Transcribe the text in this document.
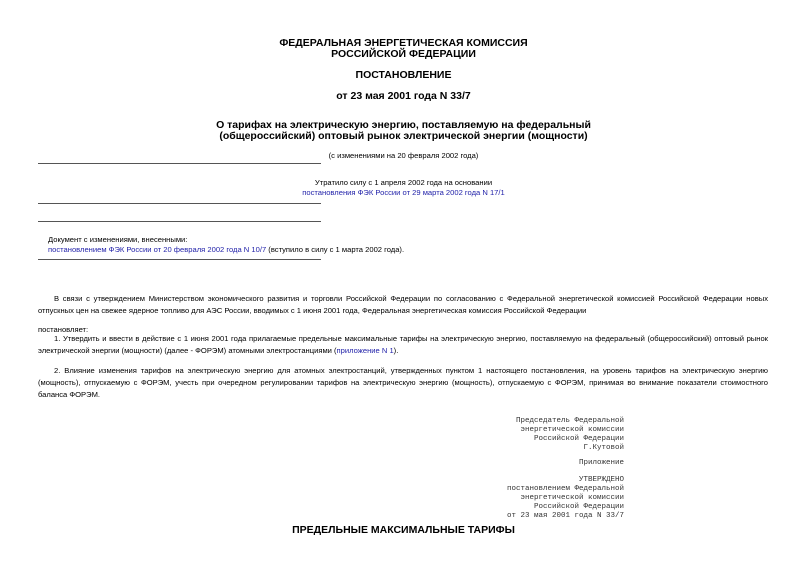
ФЕДЕРАЛЬНАЯ ЭНЕРГЕТИЧЕСКАЯ КОМИССИЯ
РОССИЙСКОЙ ФЕДЕРАЦИИ
ПОСТАНОВЛЕНИЕ
от 23 мая 2001 года N 33/7
О тарифах на электрическую энергию, поставляемую на федеральный
(общероссийский) оптовый рынок электрической энергии (мощности)
(с изменениями на 20 февраля 2002 года)
Утратило силу с 1 апреля 2002 года на основании
постановления ФЭК России от 29 марта 2002 года N 17/1
Документ с изменениями, внесенными:
постановлением ФЭК России от 20 февраля 2002 года N 10/7 (вступило в силу с 1 марта 2002 года).
В связи с утверждением Министерством экономического развития и торговли Российской Федерации по согласованию с Федеральной энергетической комиссией Российской Федерации новых отпускных цен на свежее ядерное топливо для АЭС России, вводимых с 1 июня 2001 года, Федеральная энергетическая комиссия Российской Федерации
постановляет:
1. Утвердить и ввести в действие с 1 июня 2001 года прилагаемые предельные максимальные тарифы на электрическую энергию, поставляемую на федеральный (общероссийский) оптовый рынок электрической энергии (мощности) (далее - ФОРЭМ) атомными электростанциями (приложение N 1).
2. Влияние изменения тарифов на электрическую энергию для атомных электростанций, утвержденных пунктом 1 настоящего постановления, на уровень тарифов на электрическую энергию (мощность), отпускаемую с ФОРЭМ, учесть при очередном регулировании тарифов на электрическую энергию (мощность), отпускаемую с ФОРЭМ, принимая во внимание показатели стоимостного баланса ФОРЭМ.
Председатель Федеральной
энергетической комиссии
Российской Федерации
Г.Кутовой
Приложение
УТВЕРЖДЕНО
постановлением Федеральной
энергетической комиссии
Российской Федерации
от 23 мая 2001 года N 33/7
ПРЕДЕЛЬНЫЕ МАКСИМАЛЬНЫЕ ТАРИФЫ
